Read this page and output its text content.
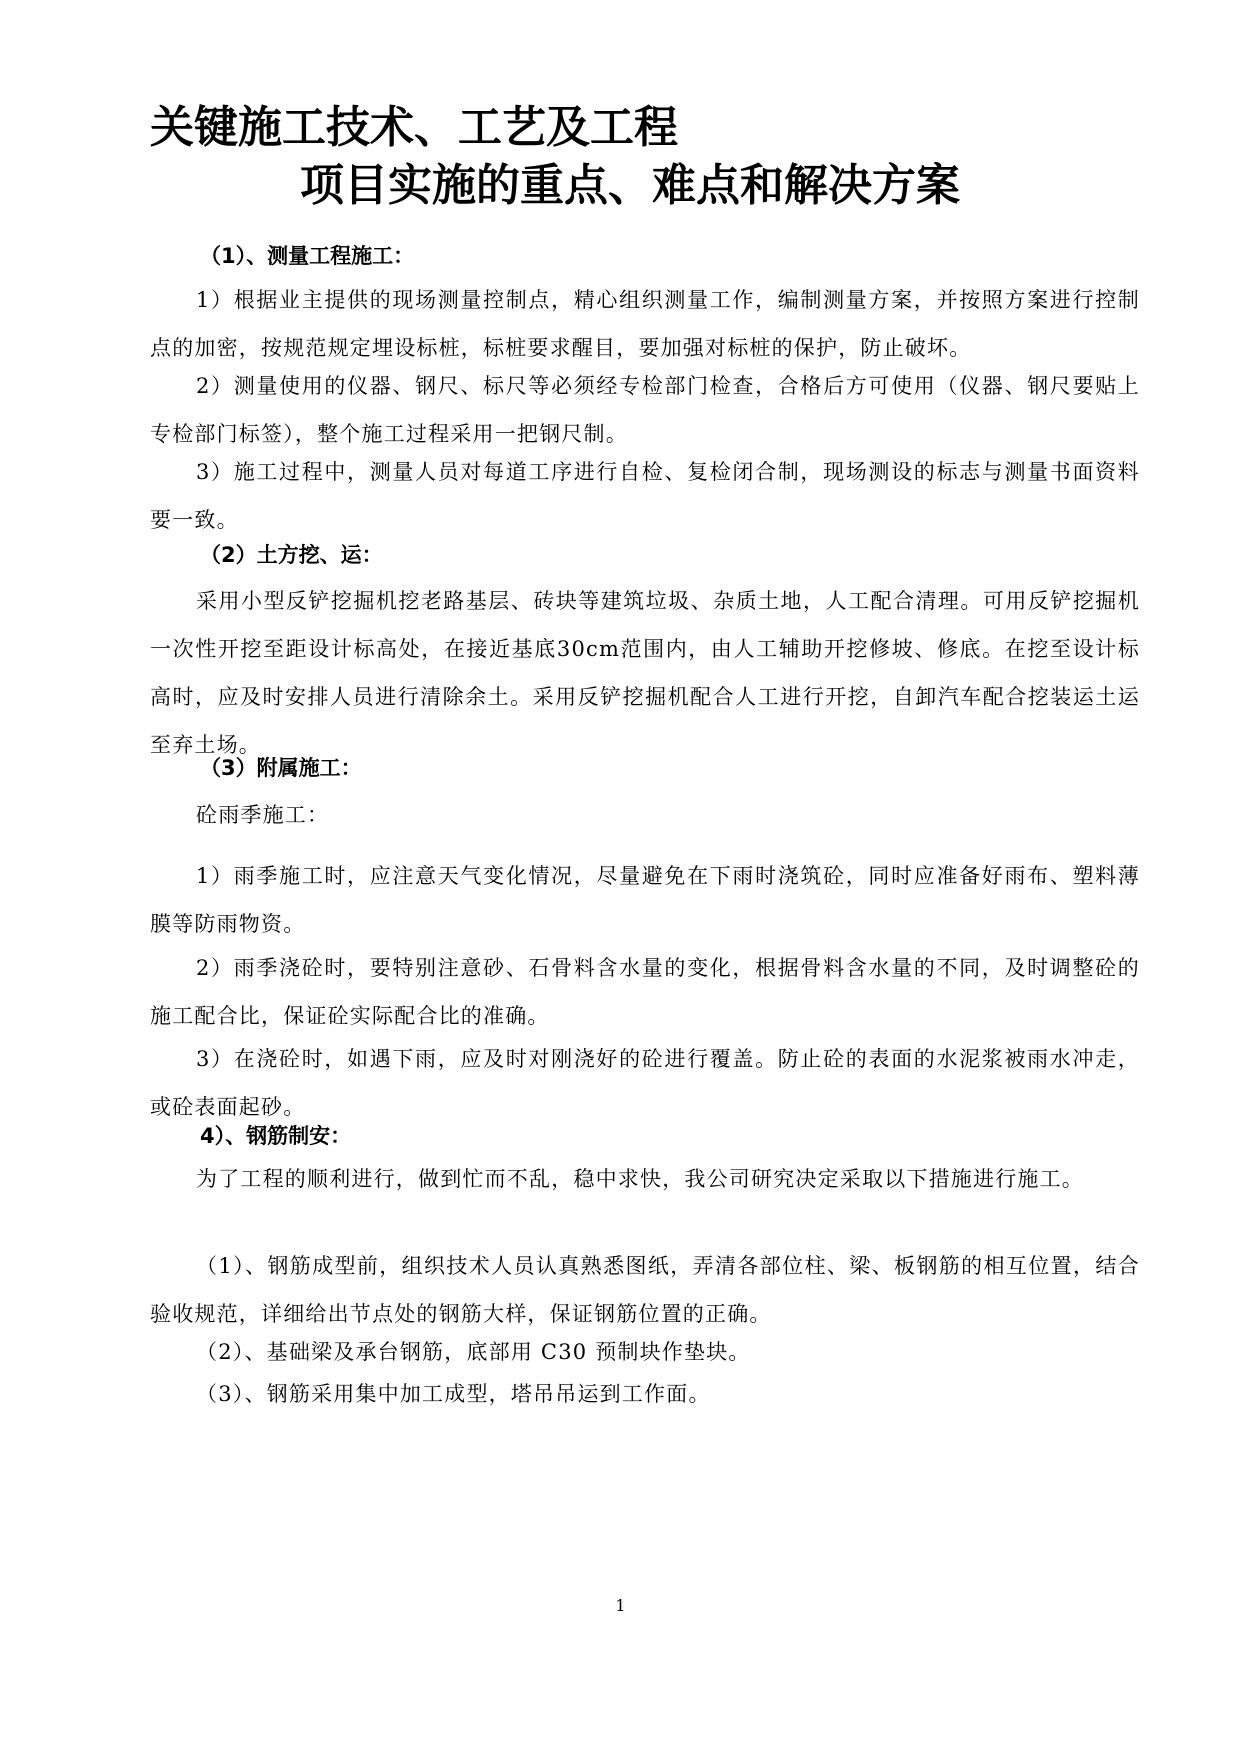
关键施工技术、工艺及工程
项目实施的重点、难点和解决方案
（1）、测量工程施工：
1）根据业主提供的现场测量控制点，精心组织测量工作，编制测量方案，并按照方案进行控制点的加密，按规范规定埋设标桩，标桩要求醒目，要加强对标桩的保护，防止破坏。
2）测量使用的仪器、钢尺、标尺等必须经专检部门检查，合格后方可使用（仪器、钢尺要贴上专检部门标签），整个施工过程采用一把钢尺制。
3）施工过程中，测量人员对每道工序进行自检、复检闭合制，现场测设的标志与测量书面资料要一致。
（2）土方挖、运：
采用小型反铲挖掘机挖老路基层、砖块等建筑垃圾、杂质土地，人工配合清理。可用反铲挖掘机一次性开挖至距设计标高处，在接近基底30cm范围内，由人工辅助开挖修坡、修底。在挖至设计标高时，应及时安排人员进行清除余土。采用反铲挖掘机配合人工进行开挖，自卸汽车配合挖装运土运至弃土场。
（3）附属施工：
砼雨季施工：
1）雨季施工时，应注意天气变化情况，尽量避免在下雨时浇筑砼，同时应准备好雨布、塑料薄膜等防雨物资。
2）雨季浇砼时，要特别注意砂、石骨料含水量的变化，根据骨料含水量的不同，及时调整砼的施工配合比，保证砼实际配合比的准确。
3）在浇砼时，如遇下雨，应及时对刚浇好的砼进行覆盖。防止砼的表面的水泥浆被雨水冲走，或砼表面起砂。
4）、钢筋制安：
为了工程的顺利进行，做到忙而不乱，稳中求快，我公司研究决定采取以下措施进行施工。
（1）、钢筋成型前，组织技术人员认真熟悉图纸，弄清各部位柱、梁、板钢筋的相互位置，结合验收规范，详细给出节点处的钢筋大样，保证钢筋位置的正确。
（2）、基础梁及承台钢筋，底部用 C30 预制块作垫块。
（3）、钢筋采用集中加工成型，塔吊吊运到工作面。
1
